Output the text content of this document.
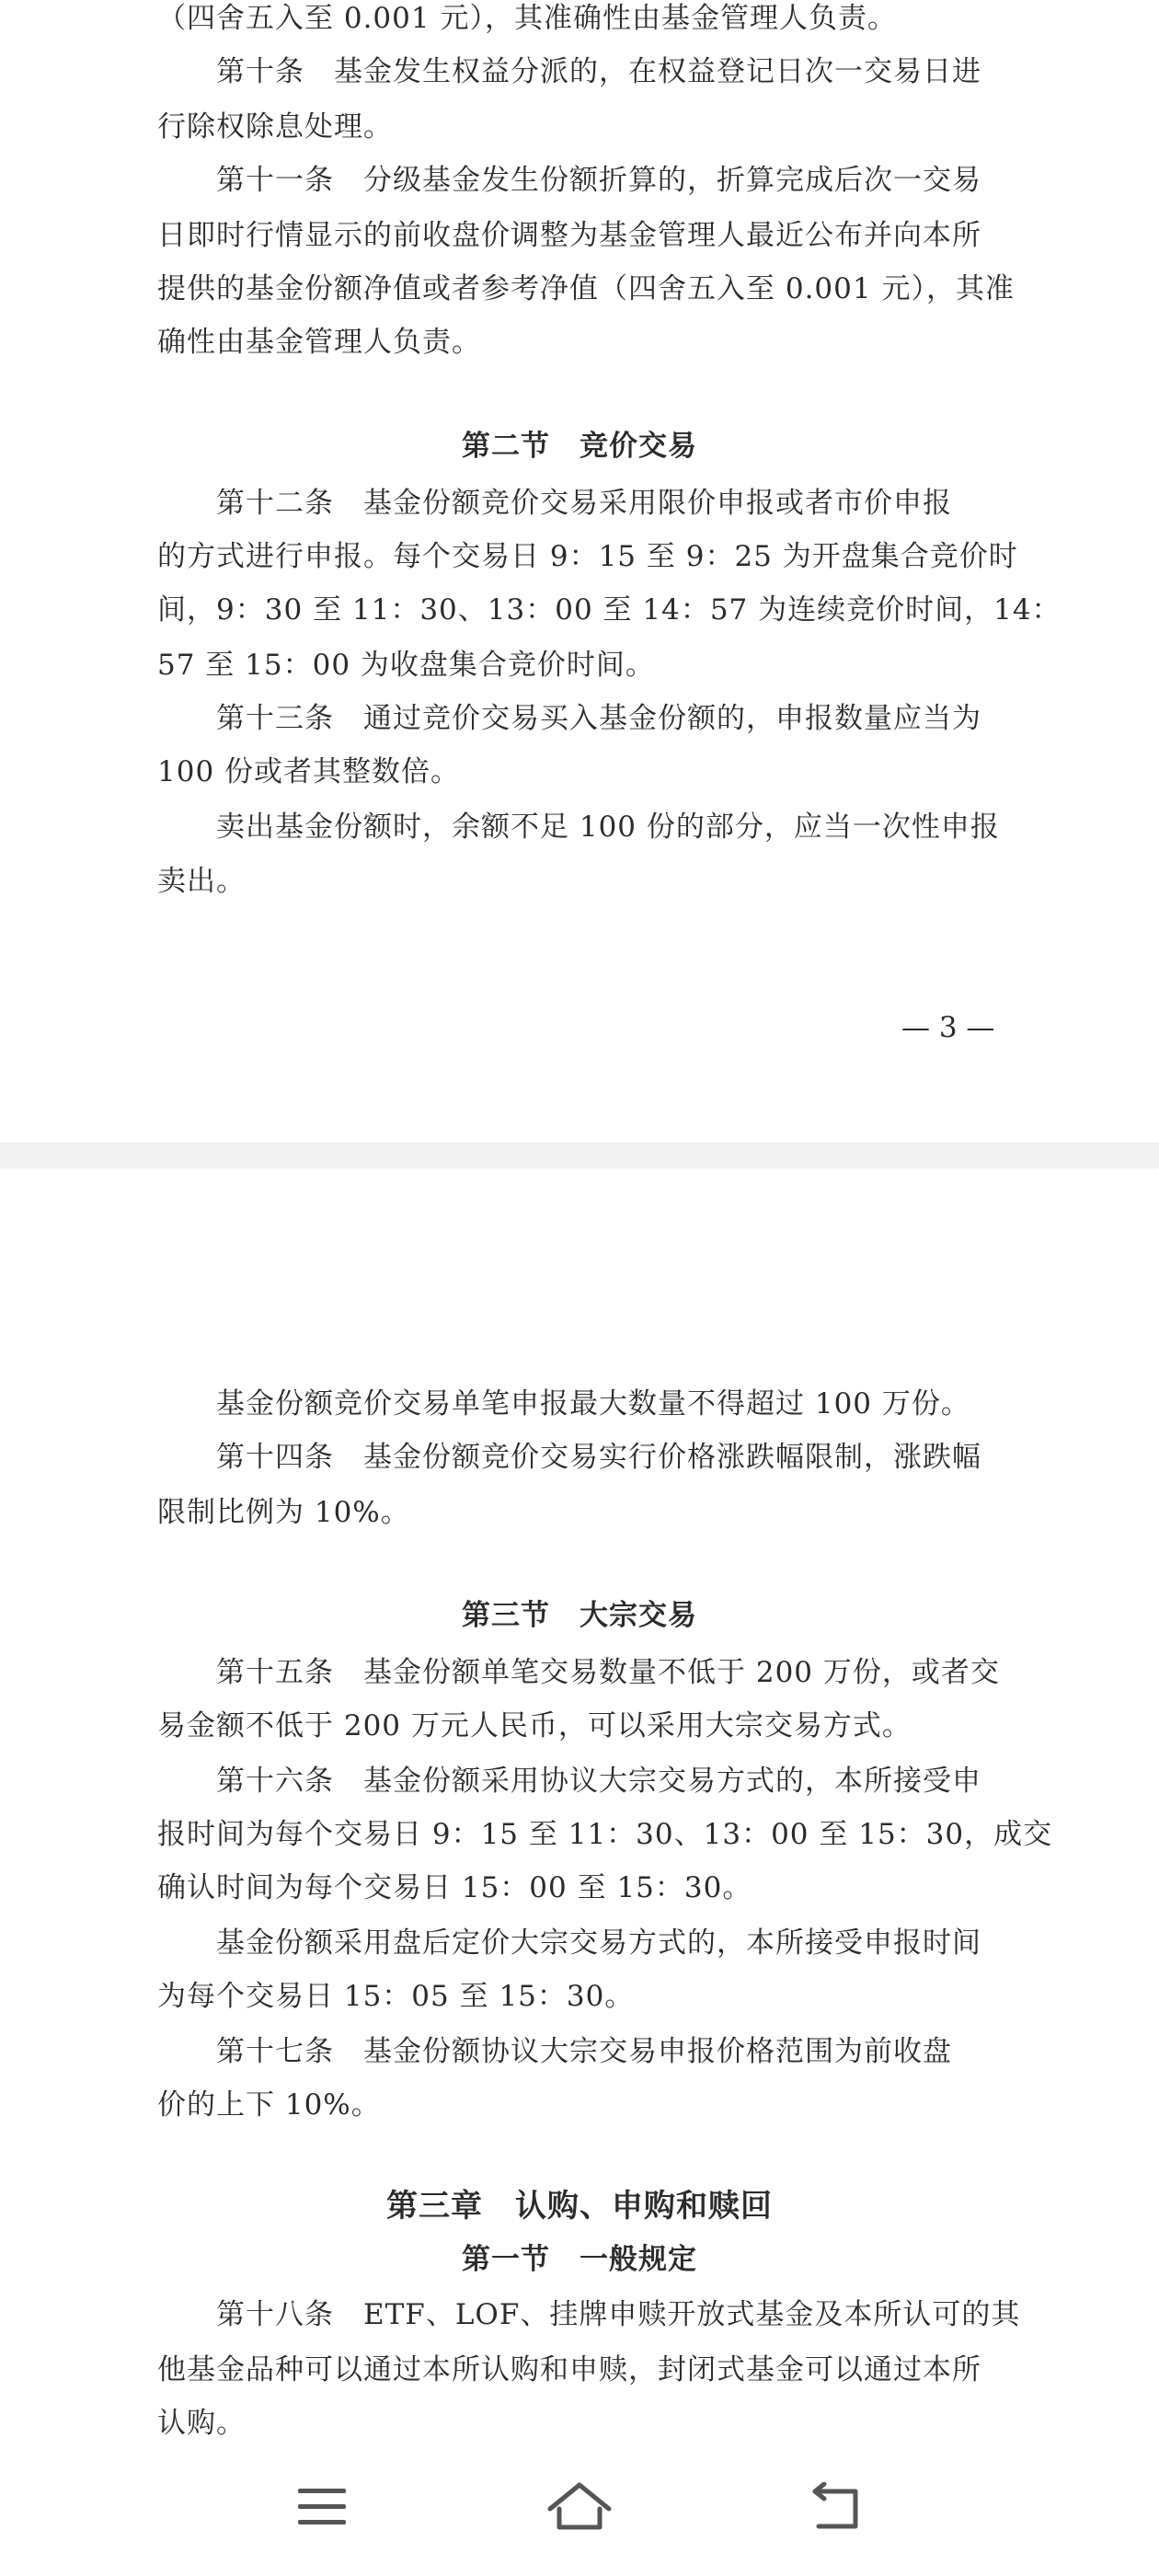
（四舍五入至 0.001 元），其准确性由基金管理人负责。
　　第十条　基金发生权益分派的，在权益登记日次一交易日进
行除权除息处理。
　　第十一条　分级基金发生份额折算的，折算完成后次一交易
日即时行情显示的前收盘价调整为基金管理人最近公布并向本所
提供的基金份额净值或者参考净值（四舍五入至 0.001 元），其准
确性由基金管理人负责。
第二节　竞价交易
　　第十二条　基金份额竞价交易采用限价申报或者市价申报
的方式进行申报。每个交易日 9：15 至 9：25 为开盘集合竞价时
间，9：30 至 11：30、13：00 至 14：57 为连续竞价时间，14：
57 至 15：00 为收盘集合竞价时间。
　　第十三条　通过竞价交易买入基金份额的，申报数量应当为
100 份或者其整数倍。
　　卖出基金份额时，余额不足 100 份的部分，应当一次性申报
卖出。
— 3 —
　　基金份额竞价交易单笔申报最大数量不得超过 100 万份。
　　第十四条　基金份额竞价交易实行价格涨跌幅限制，涨跌幅
限制比例为 10%。
第三节　大宗交易
　　第十五条　基金份额单笔交易数量不低于 200 万份，或者交
易金额不低于 200 万元人民币，可以采用大宗交易方式。
　　第十六条　基金份额采用协议大宗交易方式的，本所接受申
报时间为每个交易日 9：15 至 11：30、13：00 至 15：30，成交
确认时间为每个交易日 15：00 至 15：30。
　　基金份额采用盘后定价大宗交易方式的，本所接受申报时间
为每个交易日 15：05 至 15：30。
　　第十七条　基金份额协议大宗交易申报价格范围为前收盘
价的上下 10%。
第三章　认购、申购和赎回
第一节　一般规定
　　第十八条　ETF、LOF、挂牌申赎开放式基金及本所认可的其
他基金品种可以通过本所认购和申赎，封闭式基金可以通过本所
认购。
